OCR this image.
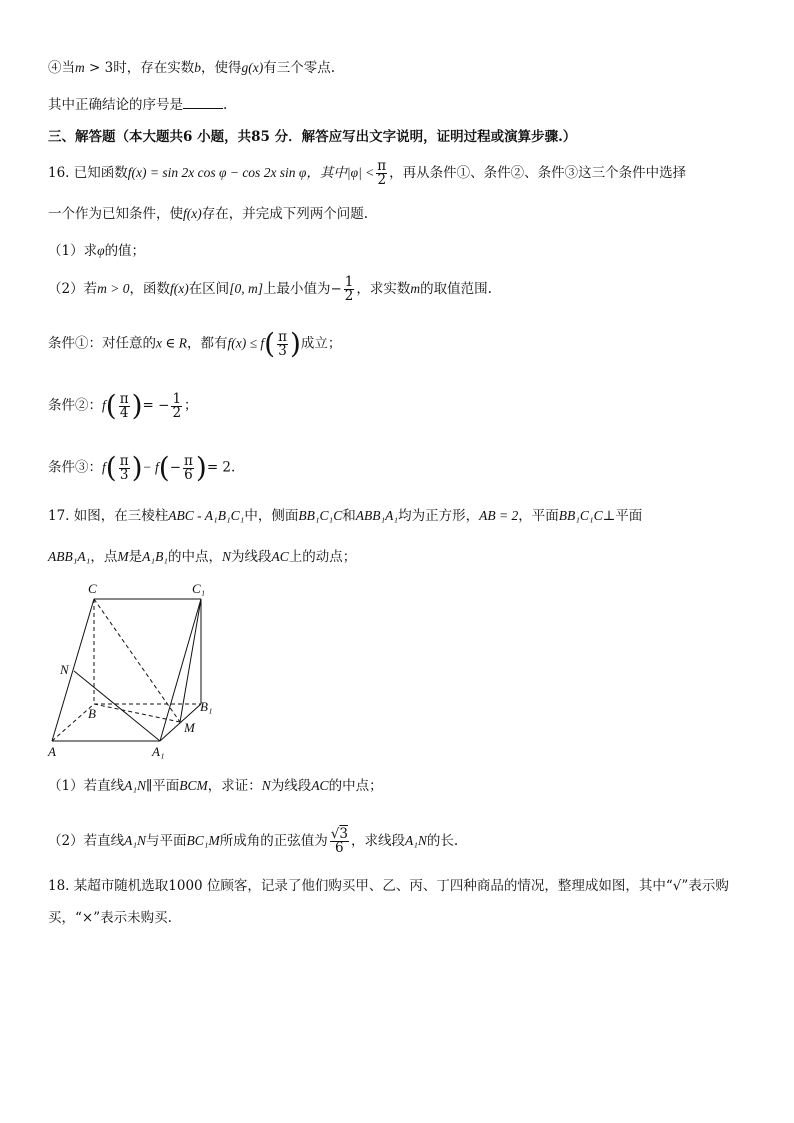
④当m > 3时，存在实数b，使得g(x)有三个零点.
其中正确结论的序号是	.
三、解答题（本大题共6 小题，共85 分．解答应写出文字说明，证明过程或演算步骤.）
16. 已知函数f(x) = sin 2x cos φ − cos 2x sin φ，其中$|\varphi| < \frac{\pi}{2}$ ，再从条件①、条件②、条件③这三个条件中选择
一个作为已知条件，使f(x)存在，并完成下列两个问题.
（1）求φ的值；
（2）若m > 0，函数f(x)在区间[0, m]上最小值为− $\frac{1}{2}$ ，求实数m的取值范围.
条件①：对任意的x ∈ R，都有$f(x) \le f( \frac{\pi}{3}$ )成立；
条件②：$f( \frac{\pi}{4}$ )= − $\frac{1}{2}$ ；
条件③：$f( \frac{\pi}{3}$ )− $f(- \frac{\pi}{6}$ )= 2.
17. 如图，在三棱柱ABC - A₁B₁C₁中，侧面BB₁C₁C和ABB₁A₁均为正方形，AB = 2，平面BB₁C₁C⊥平面
ABB₁A₁，点M是A₁B₁的中点，N为线段AC上的动点；
C	C₁
N
B	B₁
M
A	A₁
（1）若直线A₁N∥平面BCM，求证：N为线段AC的中点；
（2）若直线A₁N与平面BC₁M所成角的正弦值为 $\frac{√3}{6}$ ，求线段A₁N的长.
18. 某超市随机选取1000 位顾客，记录了他们购买甲、乙、丙、丁四种商品的情况，整理成如图，其中“√”表示购
买，“×”表示未购买.
